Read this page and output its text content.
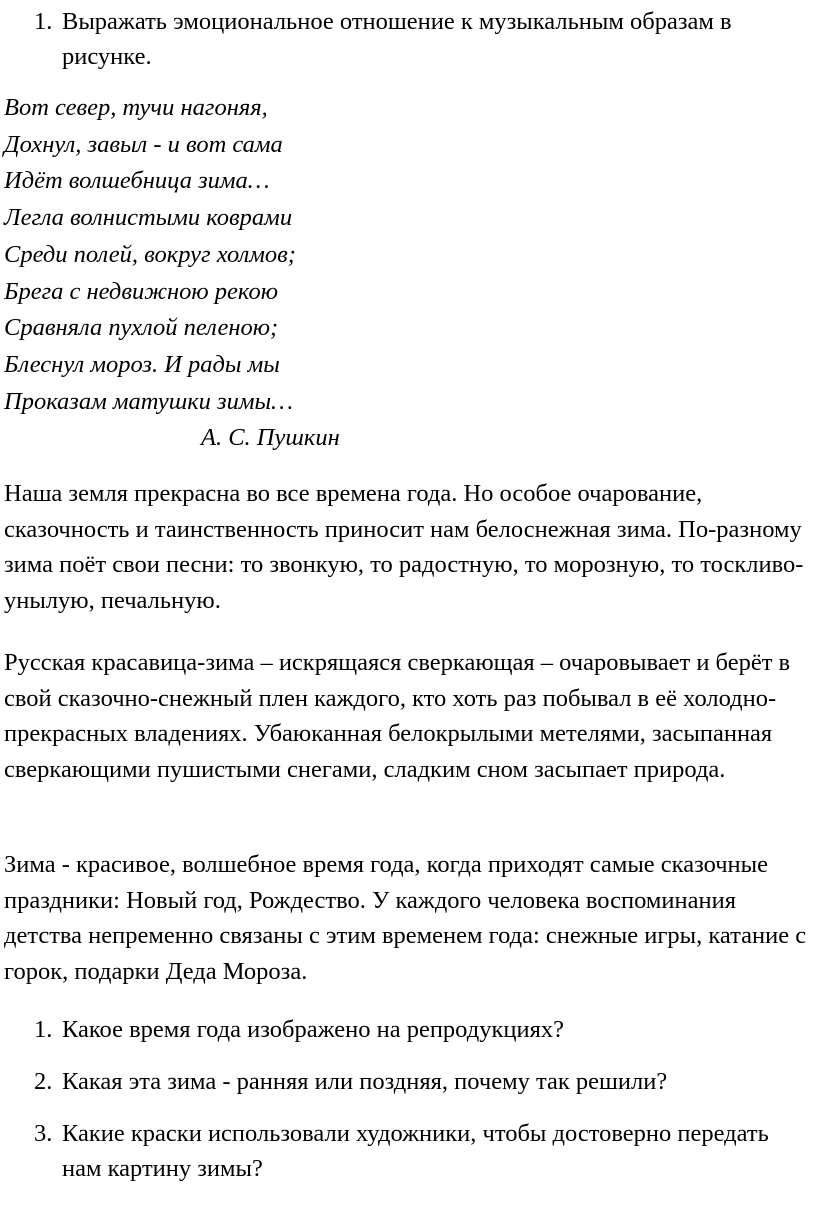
1. Выражать эмоциональное отношение к музыкальным образам в рисунке.
Вот север, тучи нагоняя,
Дохнул, завыл - и вот сама
Идёт волшебница зима…
Легла волнистыми коврами
Среди полей, вокруг холмов;
Брега с недвижною рекою
Сравняла пухлой пеленою;
Блеснул мороз. И рады мы
Проказам матушки зимы…
А. С. Пушкин

Наша земля прекрасна во все времена года. Но особое очарование, сказочность и таинственность приносит нам белоснежная зима. По-разному зима поёт свои песни: то звонкую, то радостную, то морозную, то тоскливо-унылую, печальную.

Русская красавица-зима – искрящаяся сверкающая – очаровывает и берёт в свой сказочно-снежный плен каждого, кто хоть раз побывал в её холодно-прекрасных владениях. Убаюканная белокрылыми метелями, засыпанная сверкающими пушистыми снегами, сладким сном засыпает природа.

Зима - красивое, волшебное время года, когда приходят самые сказочные праздники: Новый год, Рождество. У каждого человека воспоминания детства непременно связаны с этим временем года: снежные игры, катание с горок, подарки Деда Мороза.

1. Какое время года изображено на репродукциях?
2. Какая эта зима - ранняя или поздняя, почему так решили?
3. Какие краски использовали художники, чтобы достоверно передать нам картину зимы?
